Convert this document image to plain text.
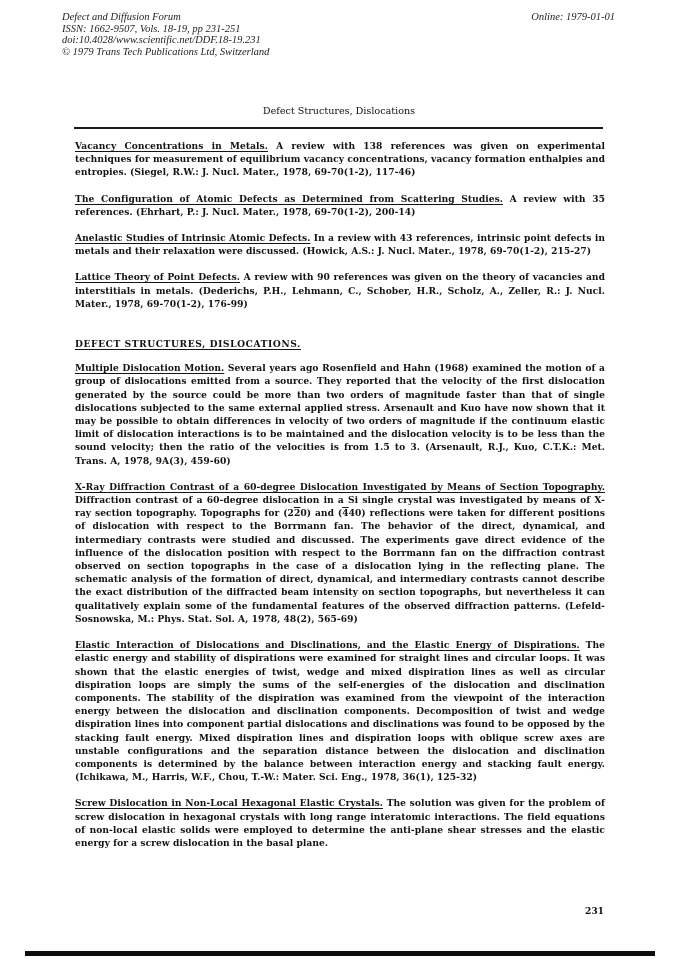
Defect and Diffusion Forum
ISSN: 1662-9507, Vols. 18-19, pp 231-251
doi:10.4028/www.scientific.net/DDF.18-19.231
© 1979 Trans Tech Publications Ltd, Switzerland
Online: 1979-01-01
Defect Structures, Dislocations

Vacancy Concentrations in Metals. A review with 138 references was given on experimental techniques for measurement of equilibrium vacancy concentrations, vacancy formation enthalpies and entropies. (Siegel, R.W.: J. Nucl. Mater., 1978, 69-70(1-2), 117-46)

The Configuration of Atomic Defects as Determined from Scattering Studies. A review with 35 references. (Ehrhart, P.: J. Nucl. Mater., 1978, 69-70(1-2), 200-14)

Anelastic Studies of Intrinsic Atomic Defects. In a review with 43 references, intrinsic point defects in metals and their relaxation were discussed. (Howick, A.S.: J. Nucl. Mater., 1978, 69-70(1-2), 215-27)

Lattice Theory of Point Defects. A review with 90 references was given on the theory of vacancies and interstitials in metals. (Dederichs, P.H., Lehmann, C., Schober, H.R., Scholz, A., Zeller, R.: J. Nucl. Mater., 1978, 69-70(1-2), 176-99)

DEFECT STRUCTURES, DISLOCATIONS.

Multiple Dislocation Motion. Several years ago Rosenfield and Hahn (1968) examined the motion of a group of dislocations emitted from a source. They reported that the velocity of the first dislocation generated by the source could be more than two orders of magnitude faster than that of single dislocations subjected to the same external applied stress. Arsenault and Kuo have now shown that it may be possible to obtain differences in velocity of two orders of magnitude if the continuum elastic limit of dislocation interactions is to be maintained and the dislocation velocity is to be less than the sound velocity; then the ratio of the velocities is from 1.5 to 3. (Arsenault, R.J., Kuo, C.T.K.: Met. Trans. A, 1978, 9A(3), 459-60)

X-Ray Diffraction Contrast of a 60-degree Dislocation Investigated by Means of Section Topography. Diffraction contrast of a 60-degree dislocation in a Si single crystal was investigated by means of X-ray section topography. Topographs for (220) and (440) reflections were taken for different positions of dislocation with respect to the Borrmann fan. The behavior of the direct, dynamical, and intermediary contrasts were studied and discussed. The experiments gave direct evidence of the influence of the dislocation position with respect to the Borrmann fan on the diffraction contrast observed on section topographs in the case of a dislocation lying in the reflecting plane. The schematic analysis of the formation of direct, dynamical, and intermediary contrasts cannot describe the exact distribution of the diffracted beam intensity on section topographs, but nevertheless it can qualitatively explain some of the fundamental features of the observed diffraction patterns. (Lefeld-Sosnowska, M.: Phys. Stat. Sol. A, 1978, 48(2), 565-69)

Elastic Interaction of Dislocations and Disclinations, and the Elastic Energy of Dispirations. The elastic energy and stability of dispirations were examined for straight lines and circular loops. It was shown that the elastic energies of twist, wedge and mixed dispiration lines as well as circular dispiration loops are simply the sums of the self-energies of the dislocation and disclination components. The stability of the dispiration was examined from the viewpoint of the interaction energy between the dislocation and disclination components. Decomposition of twist and wedge dispiration lines into component partial dislocations and disclinations was found to be opposed by the stacking fault energy. Mixed dispiration lines and dispiration loops with oblique screw axes are unstable configurations and the separation distance between the dislocation and disclination components is determined by the balance between interaction energy and stacking fault energy. (Ichikawa, M., Harris, W.F., Chou, T.-W.: Mater. Sci. Eng., 1978, 36(1), 125-32)

Screw Dislocation in Non-Local Hexagonal Elastic Crystals. The solution was given for the problem of screw dislocation in hexagonal crystals with long range interatomic interactions. The field equations of non-local elastic solids were employed to determine the anti-plane shear stresses and the elastic energy for a screw dislocation in the basal plane.

231
